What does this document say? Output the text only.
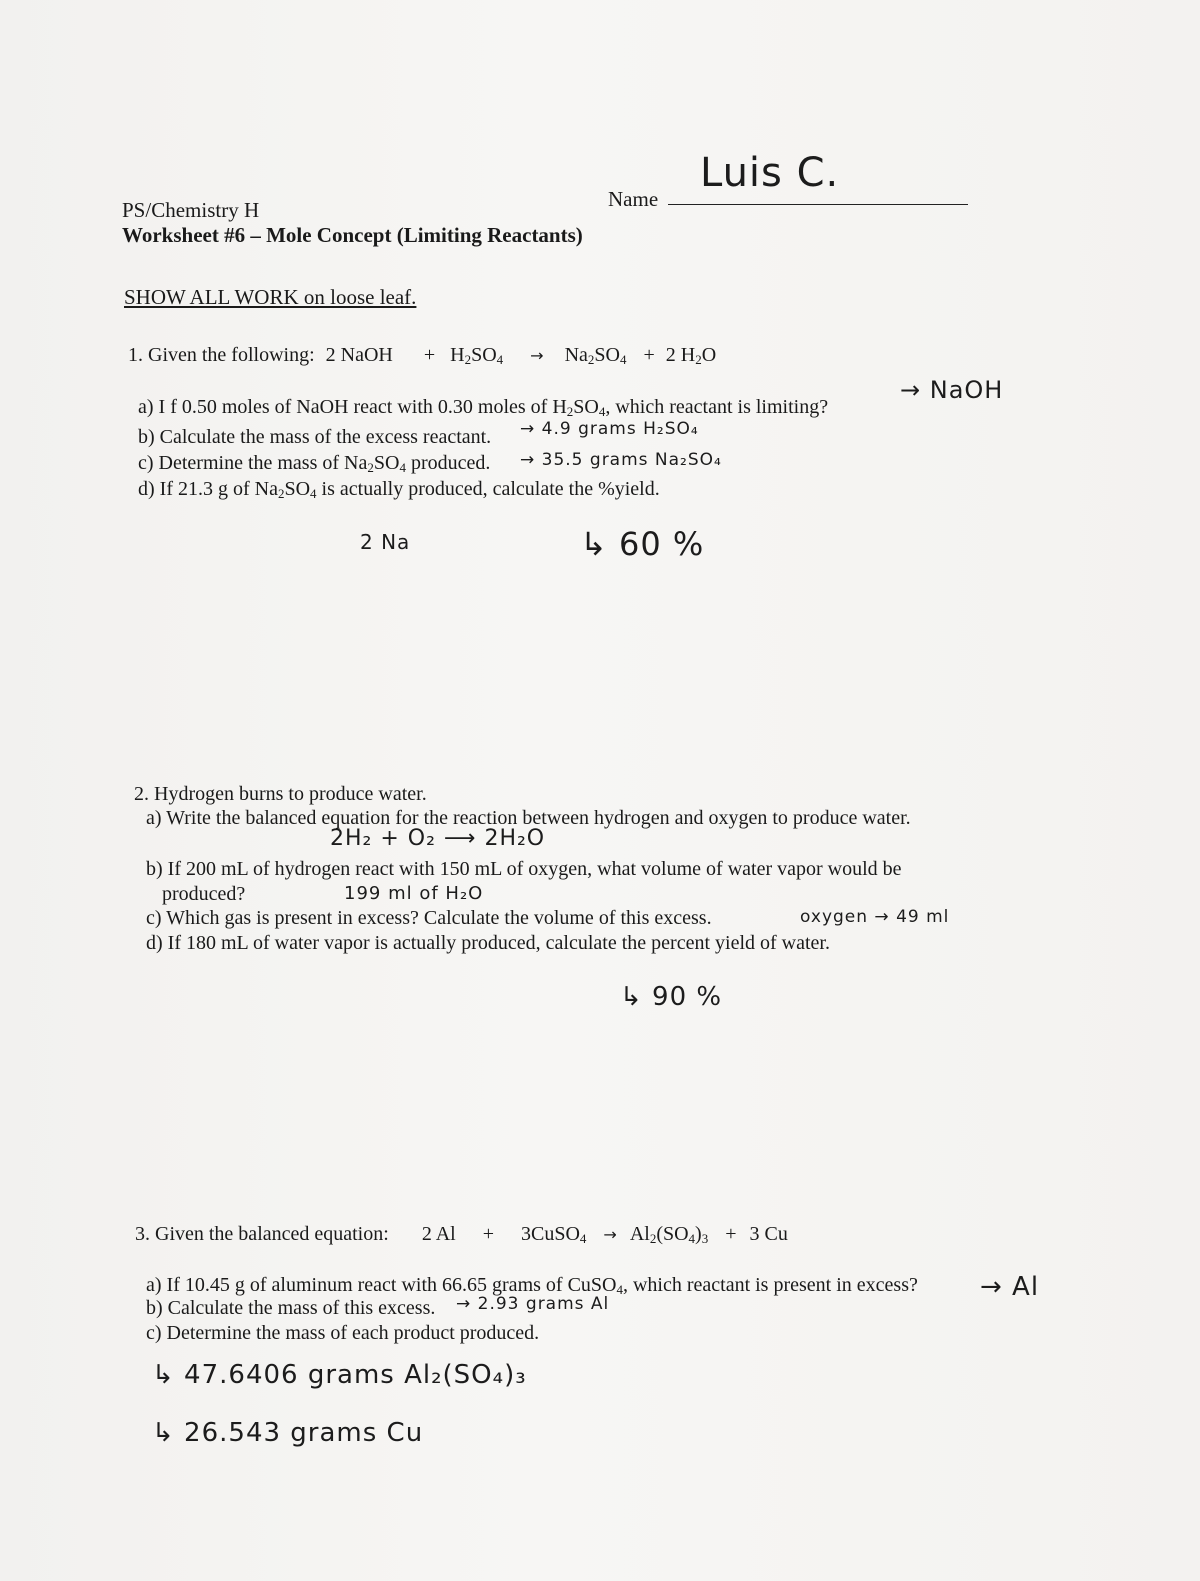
PS/Chemistry H	Name
Luis C.
Worksheet #6 – Mole Concept (Limiting Reactants)
SHOW ALL WORK on loose leaf.
1. Given the following: 2 NaOH + $H_2SO_4 \to Na_2SO_4 + 2$ $H_2O$
a) I f 0.50 moles of NaOH react with 0.30 moles of $H_2SO_4$, which reactant is limiting?
→ NaOH
b) Calculate the mass of the excess reactant. → 4.9 grams H₂SO₄
c) Determine the mass of $Na_2SO_4$ produced. → 35.5 grams Na₂SO₄
d) If 21.3 g of $Na_2SO_4$ is actually produced, calculate the %yield.
2 Na	↳ 60 %
2. Hydrogen burns to produce water.
a) Write the balanced equation for the reaction between hydrogen and oxygen to produce water.
2H₂ + O₂ ⟶ 2H₂O
b) If 200 mL of hydrogen react with 150 mL of oxygen, what volume of water vapor would be
produced?	199 ml of H₂O
c) Which gas is present in excess? Calculate the volume of this excess.	oxygen → 49 ml
d) If 180 mL of water vapor is actually produced, calculate the percent yield of water.
↳ 90 %
3. Given the balanced equation: 2 Al + 3CuSO$_4$ → $Al_2(SO_4)_3 + 3$ Cu
a) If 10.45 g of aluminum react with 66.65 grams of CuSO$_4$, which reactant is present in excess? → Al
b) Calculate the mass of this excess. → 2.93 grams Al
c) Determine the mass of each product produced.
↳ 47.6406 grams Al₂(SO₄)₃
↳ 26.543 grams Cu
